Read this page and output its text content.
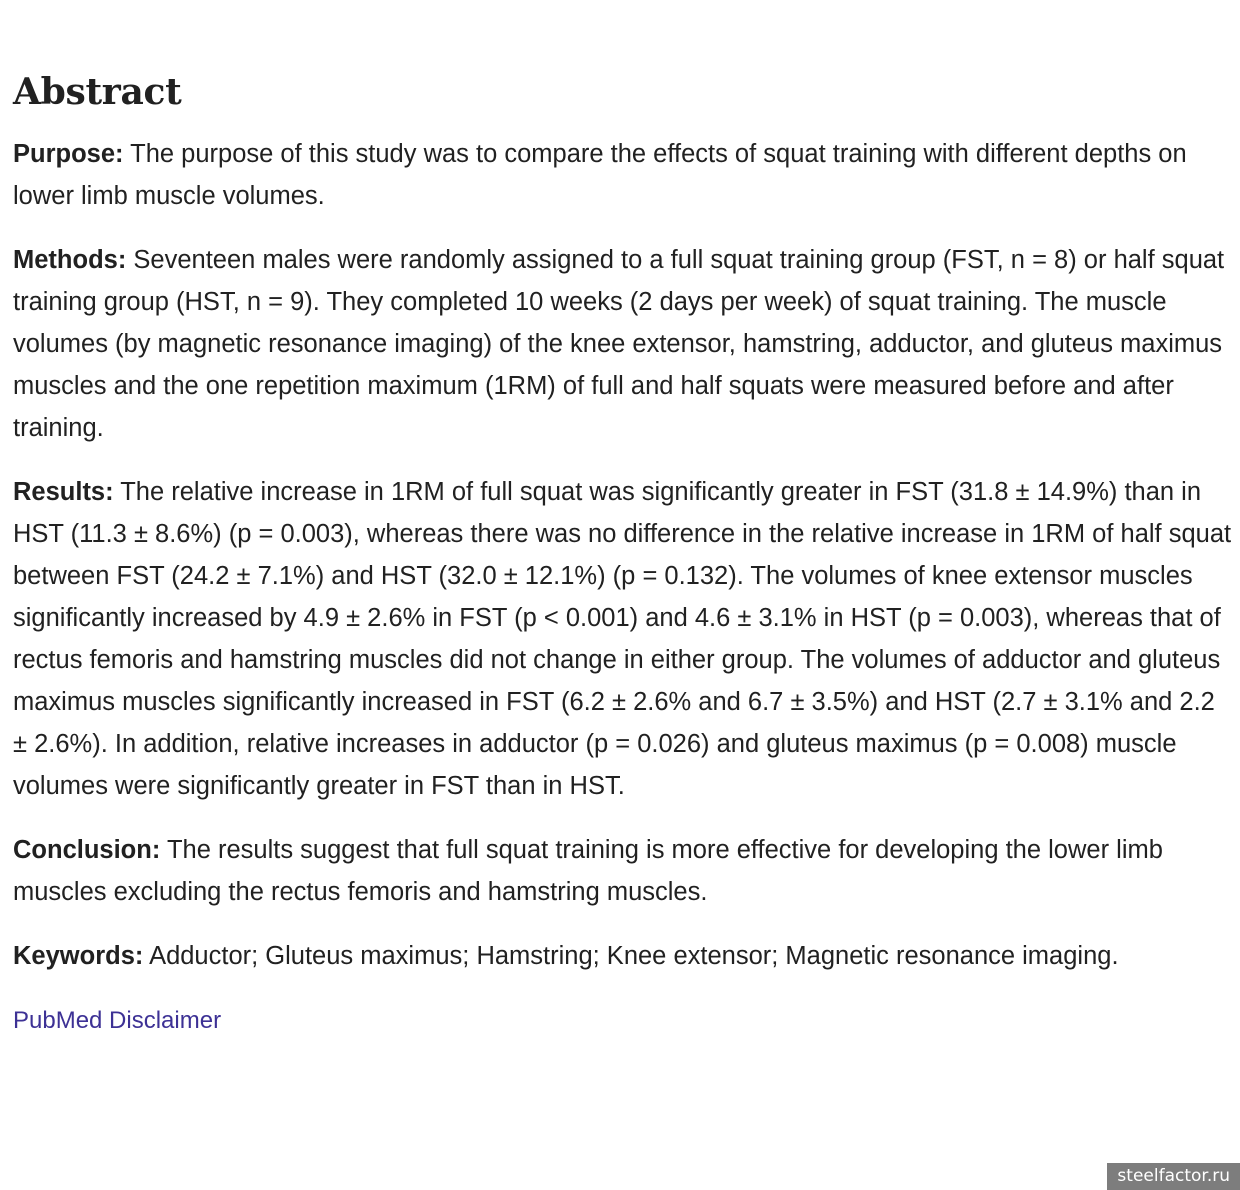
Abstract

Purpose: The purpose of this study was to compare the effects of squat training with different depths on lower limb muscle volumes.

Methods: Seventeen males were randomly assigned to a full squat training group (FST, n = 8) or half squat training group (HST, n = 9). They completed 10 weeks (2 days per week) of squat training. The muscle volumes (by magnetic resonance imaging) of the knee extensor, hamstring, adductor, and gluteus maximus muscles and the one repetition maximum (1RM) of full and half squats were measured before and after training.

Results: The relative increase in 1RM of full squat was significantly greater in FST (31.8 ± 14.9%) than in HST (11.3 ± 8.6%) (p = 0.003), whereas there was no difference in the relative increase in 1RM of half squat between FST (24.2 ± 7.1%) and HST (32.0 ± 12.1%) (p = 0.132). The volumes of knee extensor muscles significantly increased by 4.9 ± 2.6% in FST (p < 0.001) and 4.6 ± 3.1% in HST (p = 0.003), whereas that of rectus femoris and hamstring muscles did not change in either group. The volumes of adductor and gluteus maximus muscles significantly increased in FST (6.2 ± 2.6% and 6.7 ± 3.5%) and HST (2.7 ± 3.1% and 2.2 ± 2.6%). In addition, relative increases in adductor (p = 0.026) and gluteus maximus (p = 0.008) muscle volumes were significantly greater in FST than in HST.

Conclusion: The results suggest that full squat training is more effective for developing the lower limb muscles excluding the rectus femoris and hamstring muscles.

Keywords: Adductor; Gluteus maximus; Hamstring; Knee extensor; Magnetic resonance imaging.

PubMed Disclaimer
steelfactor.ru
